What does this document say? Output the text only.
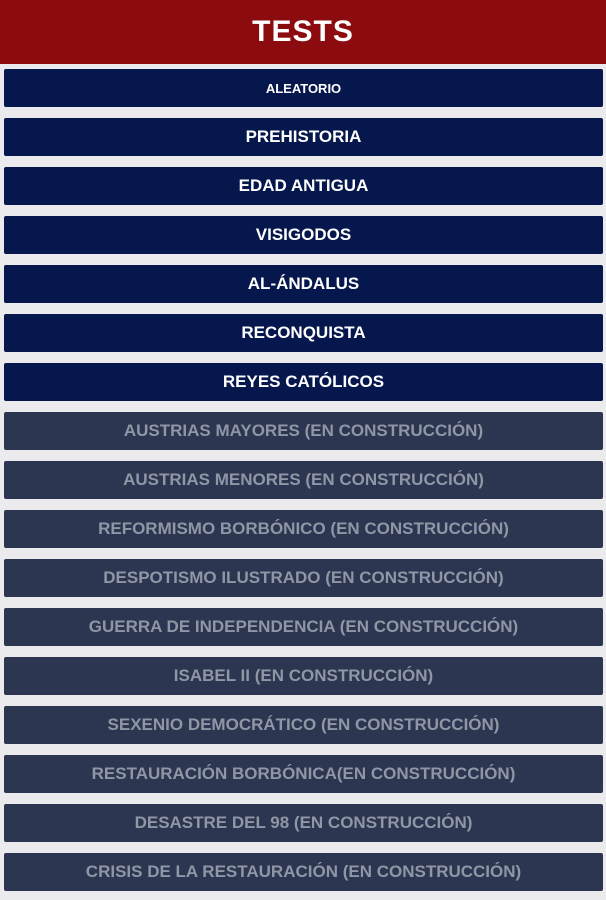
TESTS
ALEATORIO
PREHISTORIA
EDAD ANTIGUA
VISIGODOS
AL-ÁNDALUS
RECONQUISTA
REYES CATÓLICOS
AUSTRIAS MAYORES (EN CONSTRUCCIÓN)
AUSTRIAS MENORES (EN CONSTRUCCIÓN)
REFORMISMO BORBÓNICO (EN CONSTRUCCIÓN)
DESPOTISMO ILUSTRADO (EN CONSTRUCCIÓN)
GUERRA DE INDEPENDENCIA (EN CONSTRUCCIÓN)
ISABEL II (EN CONSTRUCCIÓN)
SEXENIO DEMOCRÁTICO (EN CONSTRUCCIÓN)
RESTAURACIÓN BORBÓNICA(EN CONSTRUCCIÓN)
DESASTRE DEL 98 (EN CONSTRUCCIÓN)
CRISIS DE LA RESTAURACIÓN (EN CONSTRUCCIÓN)
